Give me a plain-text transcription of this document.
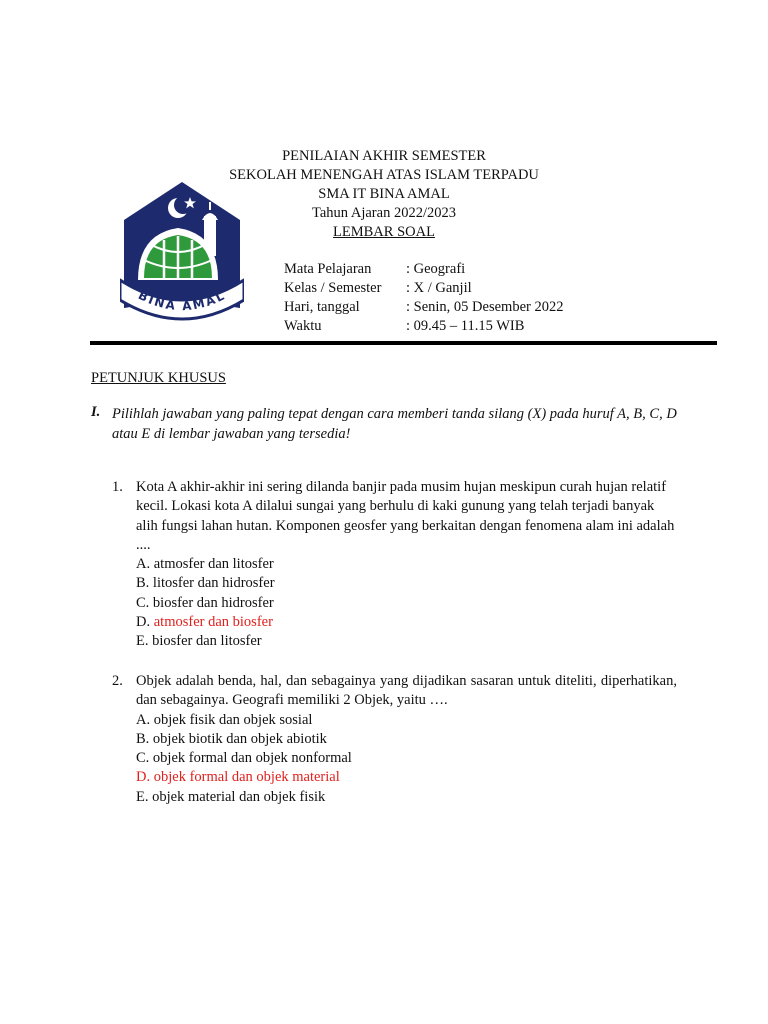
BINA AMAL
PENILAIAN AKHIR SEMESTER
SEKOLAH MENENGAH ATAS ISLAM TERPADU
SMA IT BINA AMAL
Tahun Ajaran 2022/2023
LEMBAR SOAL
Mata Pelajaran : Geografi
Kelas / Semester : X / Ganjil
Hari, tanggal	: Senin, 05 Desember 2022
Waktu	: 09.45 – 11.15 WIB
PETUNJUK KHUSUS
I. Pilihlah jawaban yang paling tepat dengan cara memberi tanda silang (X) pada huruf A, B, C, D atau E di lembar jawaban yang tersedia!
1. Kota A akhir-akhir ini sering dilanda banjir pada musim hujan meskipun curah hujan relatif kecil. Lokasi kota A dilalui sungai yang berhulu di kaki gunung yang telah terjadi banyak alih fungsi lahan hutan. Komponen geosfer yang berkaitan dengan fenomena alam ini adalah ....
A. atmosfer dan litosfer
B. litosfer dan hidrosfer
C. biosfer dan hidrosfer
D. atmosfer dan biosfer
E. biosfer dan litosfer
2. Objek adalah benda, hal, dan sebagainya yang dijadikan sasaran untuk diteliti, diperhatikan, dan sebagainya. Geografi memiliki 2 Objek, yaitu ….
A. objek fisik dan objek sosial
B. objek biotik dan objek abiotik
C. objek formal dan objek nonformal
D. objek formal dan objek material
E. objek material dan objek fisik
